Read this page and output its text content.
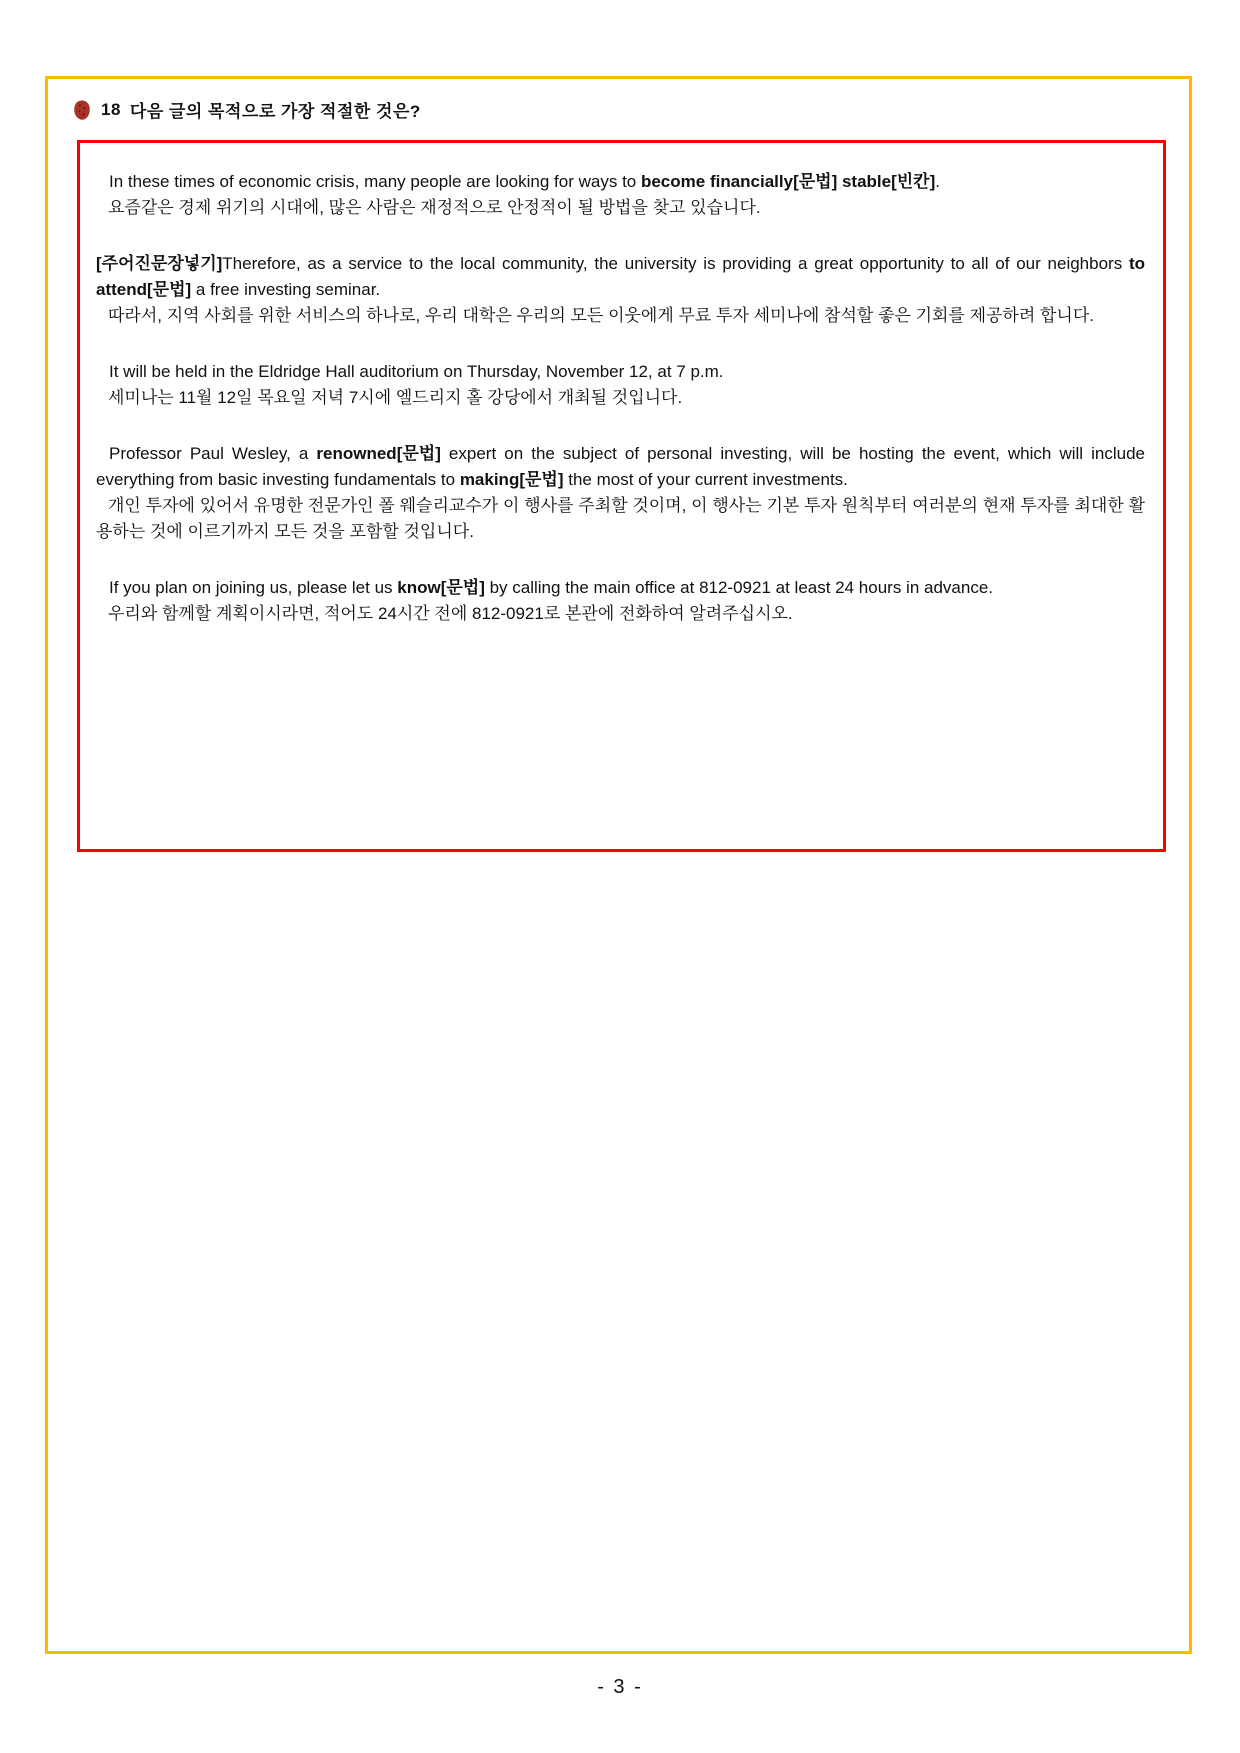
18 다음 글의 목적으로 가장 적절한 것은?

In these times of economic crisis, many people are looking for ways to become financially[문법] stable[빈칸].

요즘같은 경제 위기의 시대에, 많은 사람은 재정적으로 안정적이 될 방법을 찾고 있습니다.

[주어진문장넣기]Therefore, as a service to the local community, the university is providing a great opportunity to all of our neighbors to attend[문법] a free investing seminar.

따라서, 지역 사회를 위한 서비스의 하나로, 우리 대학은 우리의 모든 이웃에게 무료 투자 세미나에 참석할 좋은 기회를 제공하려 합니다.

It will be held in the Eldridge Hall auditorium on Thursday, November 12, at 7 p.m.

세미나는 11월 12일 목요일 저녁 7시에 엘드리지 홀 강당에서 개최될 것입니다.

Professor Paul Wesley, a renowned[문법] expert on the subject of personal investing, will be hosting the event, which will include everything from basic investing fundamentals to making[문법] the most of your current investments.

개인 투자에 있어서 유명한 전문가인 폴 웨슬리교수가 이 행사를 주최할 것이며, 이 행사는 기본 투자 원칙부터 여러분의 현재 투자를 최대한 활용하는 것에 이르기까지 모든 것을 포함할 것입니다.

If you plan on joining us, please let us know[문법] by calling the main office at 812-0921 at least 24 hours in advance.

우리와 함께할 계획이시라면, 적어도 24시간 전에 812-0921로 본관에 전화하여 알려주십시오.

- 3 -
